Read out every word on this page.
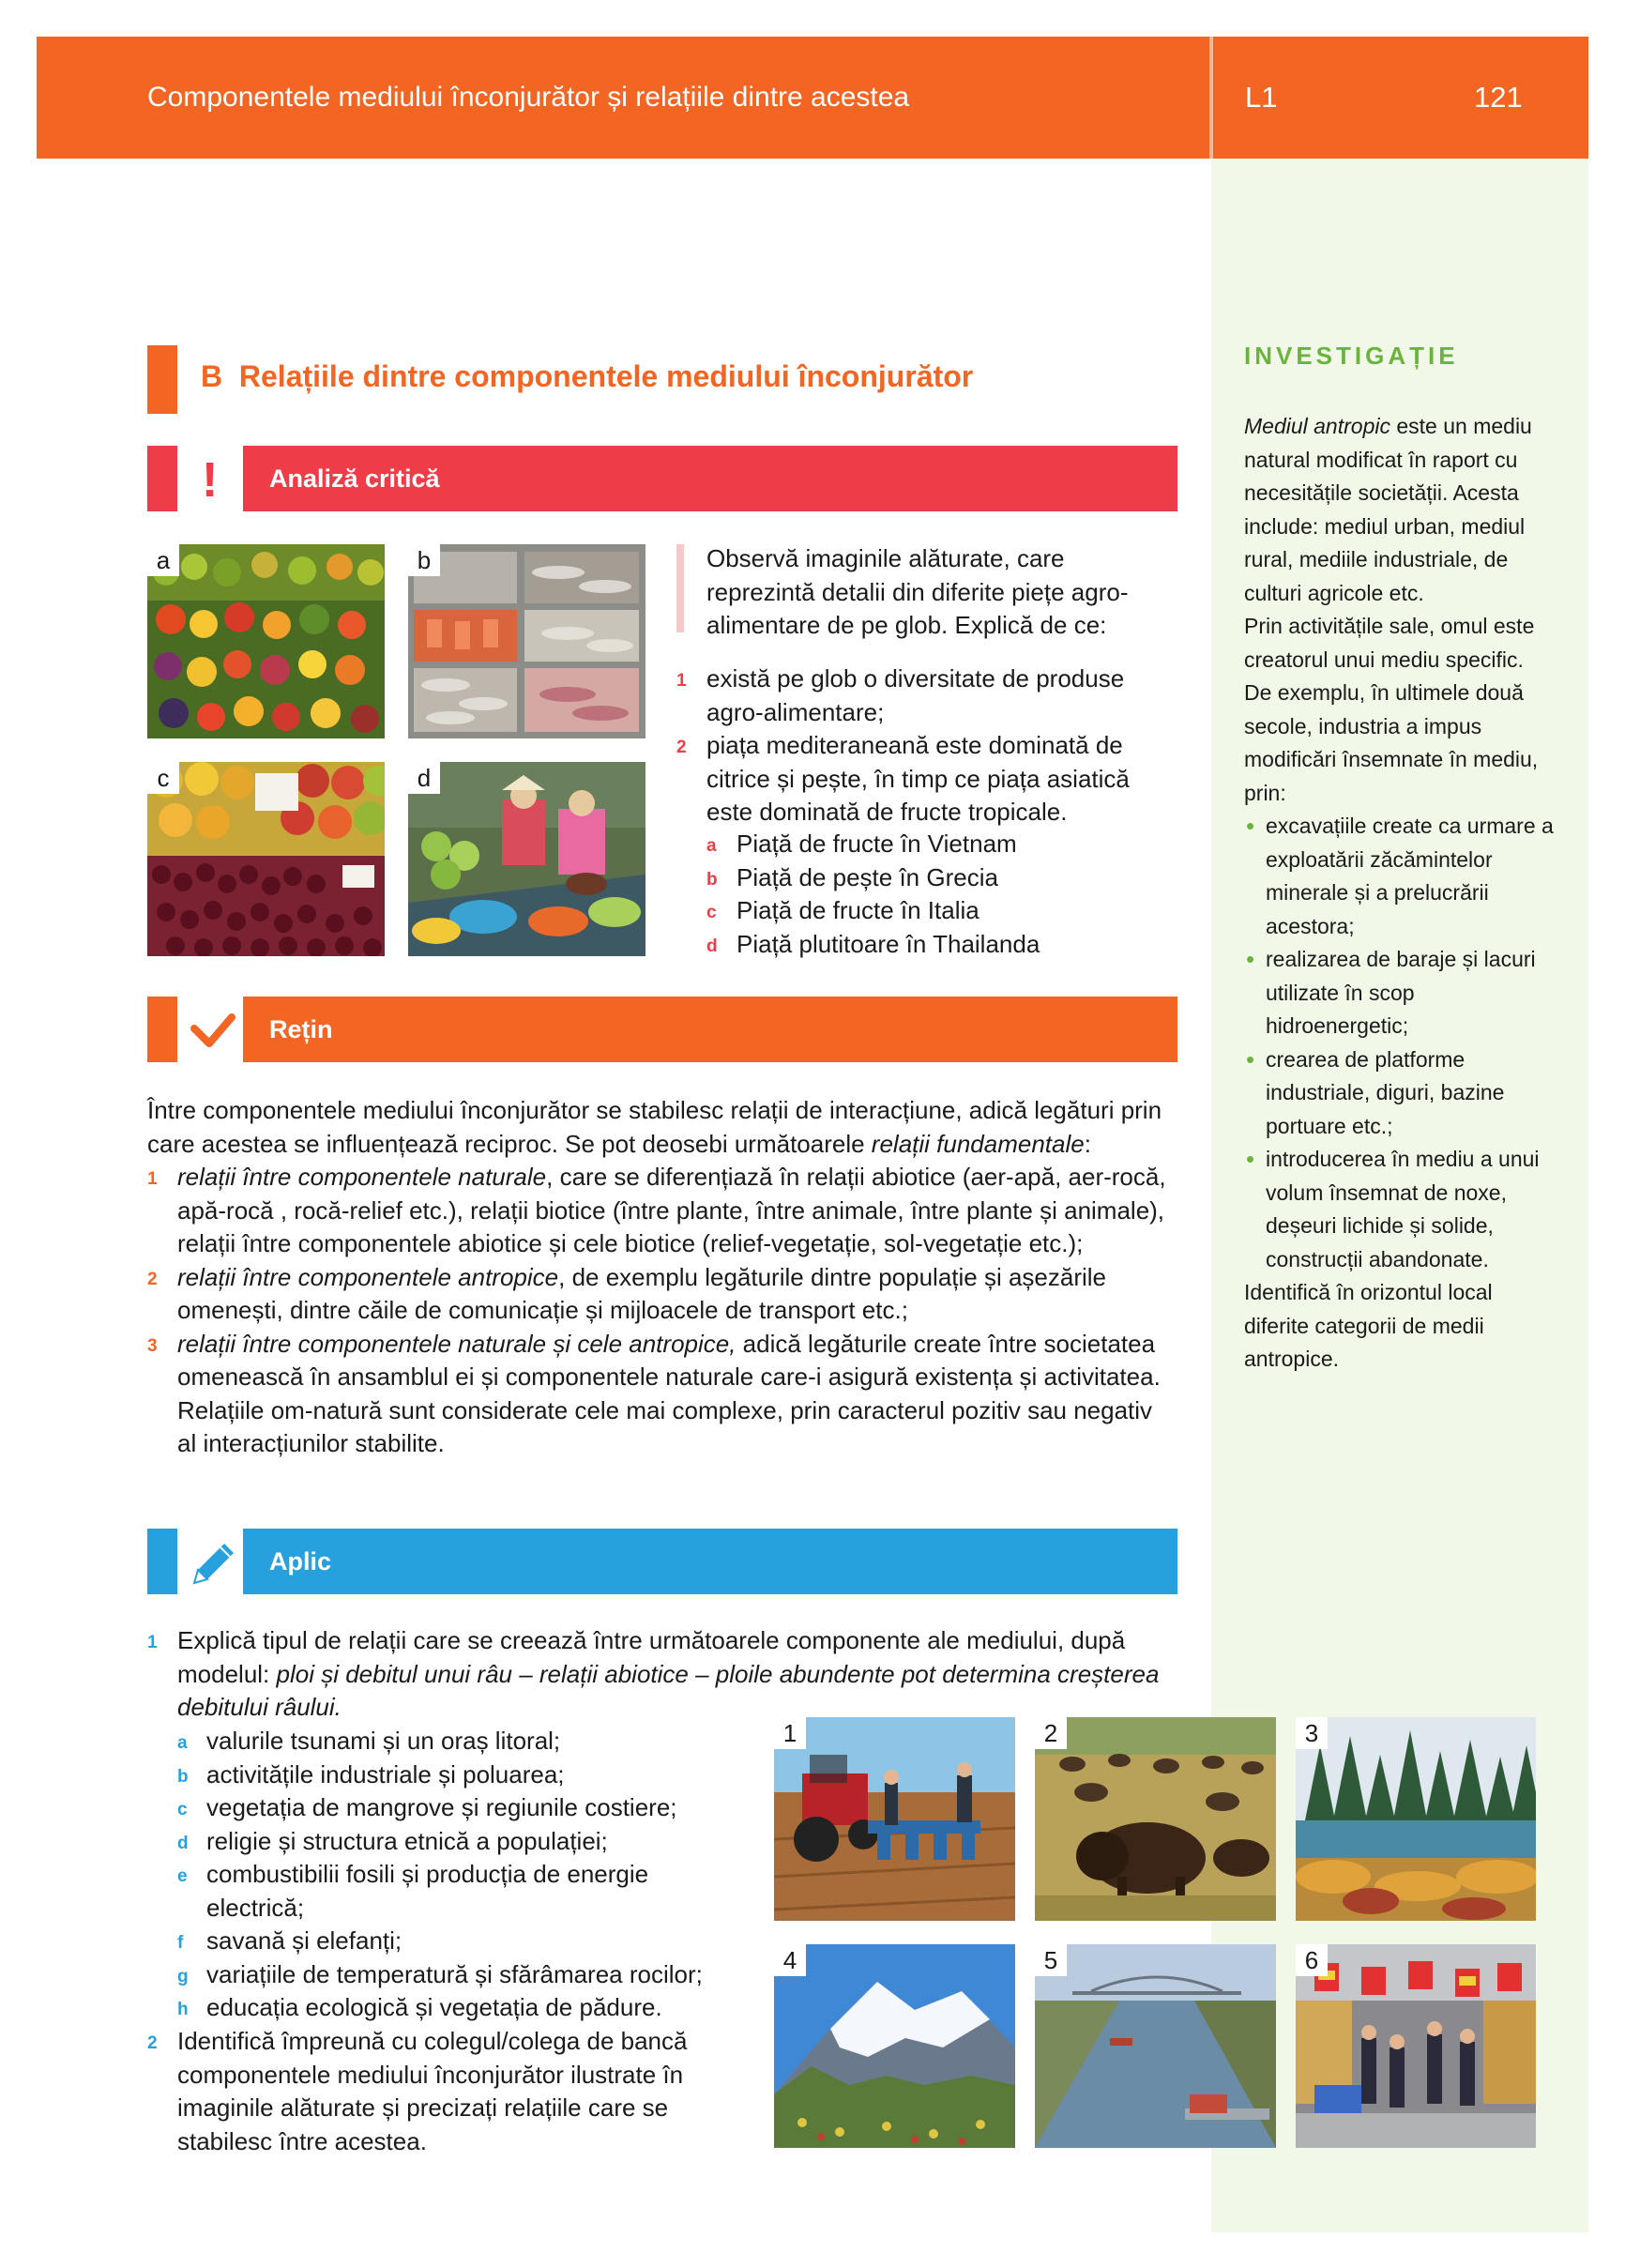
Componentele mediului înconjurător și relațiile dintre acestea	L1	121
INVESTIGAȚIE

Mediul antropic este un mediu natural modificat în raport cu necesitățile societății. Acesta include: mediul urban, mediul rural, mediile industriale, de culturi agricole etc.

Prin activitățile sale, omul este creatorul unui mediu specific. De exemplu, în ultimele două secole, industria a impus modificări însemnate în mediu, prin:

• excavațiile create ca urmare a exploatării zăcămintelor minerale și a prelucrării acestora;
• realizarea de baraje și lacuri utilizate în scop hidroenergetic;
• crearea de platforme industriale, diguri, bazine portuare etc.;
• introducerea în mediu a unui volum însemnat de noxe, deșeuri lichide și solide, construcții abandonate.

Identifică în orizontul local diferite categorii de medii antropice.

B Relațiile dintre componentele mediului înconjurător
! Analiză critică
a	b
c	d
Observă imaginile alăturate, care reprezintă detalii din diferite piețe agro-alimentare de pe glob. Explică de ce:
1 există pe glob o diversitate de produse agro-alimentare;
2 piața mediteraneană este dominată de citrice și pește, în timp ce piața asiatică este dominată de fructe tropicale.
a Piață de fructe în Vietnam
b Piață de pește în Grecia
c Piață de fructe în Italia
d Piață plutitoare în Thailanda
Rețin
Între componentele mediului înconjurător se stabilesc relații de interacțiune, adică legături prin care acestea se influențează reciproc. Se pot deosebi următoarele relații fundamentale:
1 relații între componentele naturale, care se diferențiază în relații abiotice (aer-apă, aer-rocă, apă-rocă , rocă-relief etc.), relații biotice (între plante, între animale, între plante și animale), relații între componentele abiotice și cele biotice (relief-vegetație, sol-vegetație etc.);
2 relații între componentele antropice, de exemplu legăturile dintre populație și așezările omenești, dintre căile de comunicație și mijloacele de transport etc.;
3 relații între componentele naturale și cele antropice, adică legăturile create între societatea omenească în ansamblul ei și componentele naturale care-i asigură existența și activitatea. Relațiile om-natură sunt considerate cele mai complexe, prin caracterul pozitiv sau negativ al interacțiunilor stabilite.
Aplic
1 Explică tipul de relații care se creează între următoarele componente ale mediului, după modelul: ploi și debitul unui râu – relații abiotice – ploile abundente pot determina creșterea debitului râului.
a valurile tsunami și un oraș litoral;
b activitățile industriale și poluarea;
c vegetația de mangrove și regiunile costiere;
d religie și structura etnică a populației;
e combustibilii fosili și producția de energie electrică;
f savană și elefanți;
g variațiile de temperatură și sfărâmarea rocilor;
h educația ecologică și vegetația de pădure.
2 Identifică împreună cu colegul/colega de bancă componentele mediului înconjurător ilustrate în imaginile alăturate și precizați relațiile care se stabilesc între acestea.
1	2	3
4	5	6
